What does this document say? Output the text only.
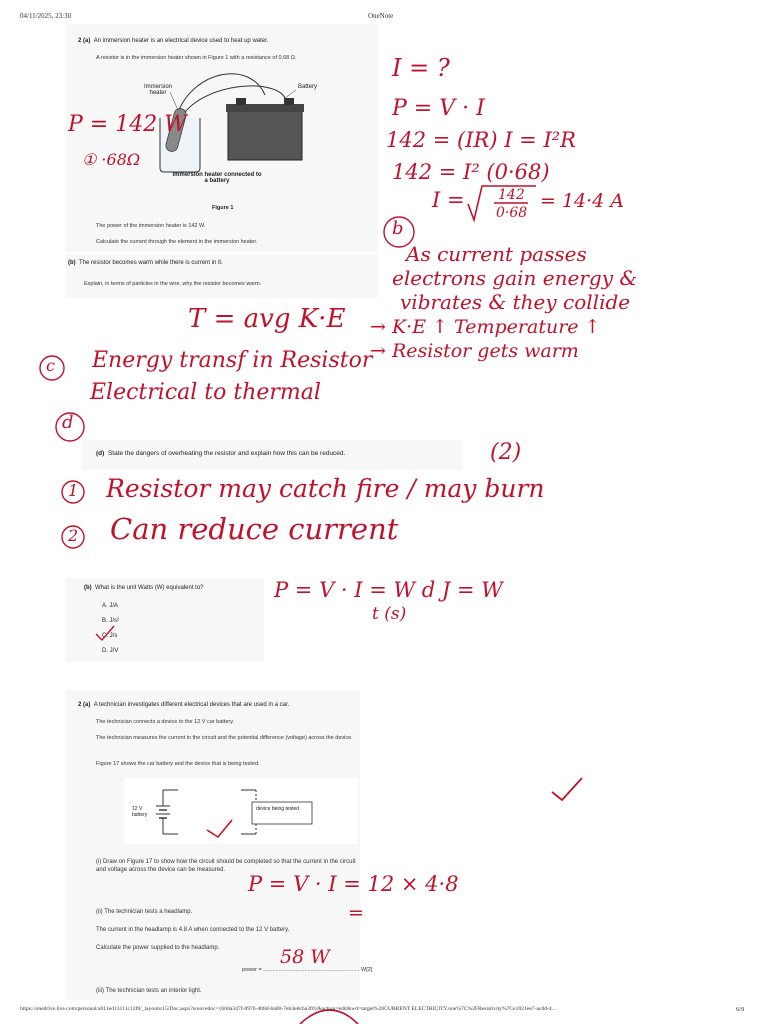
04/11/2025, 23:30	OneNote
2 (a) An immersion heater is an electrical device used to heat up water.
A resistor is in the immersion heater shown in Figure 1 with a resistance of 0.68 Ω.
Immersion heater
Battery
Immersion heater connected to a battery
Figure 1
The power of the immersion heater is 142 W.
Calculate the current through the element in the immersion heater.
(b) The resistor becomes warm while there is current in it.
Explain, in terms of particles in the wire, why the resistor becomes warm.
(d) State the dangers of overheating the resistor and explain how this can be reduced.
(b) What is the unit Watts (W) equivalent to?
A. J/A
B. J/s²
C. J/s
D. J/V
2 (a) A technician investigates different electrical devices that are used in a car.
The technician connects a device to the 12 V car battery.
The technician measures the current in the circuit and the potential difference (voltage) across the device.
Figure 17 shows the car battery and the device that is being tested.
12 V battery
device being tested
(i) Draw on Figure 17 to show how the circuit should be completed so that the current in the circuit and voltage across the device can be measured.
(ii) The technician tests a headlamp.
The current in the headlamp is 4.8 A when connected to the 12 V battery.
Calculate the power supplied to the headlamp.
power = ............................................................... W[2]
(iii) The technician tests an interior light.
I = ?
P = V · I
142 = (IR) I = I²R
142 = I² (0·68)
I = 142
0·68
= 14·4 A
P = 142 W
① ·68Ω
b
As current passes
electrons gain energy &
vibrates & they collide
→ K·E ↑ Temperature ↑
→ Resistor gets warm
T = avg K·E
c Energy transf in Resistor
Electrical to thermal
d
(2)
1 Resistor may catch fire / may burn
2 Can reduce current
P = V · I = W d J = W
t (s)
P = V · I = 12 × 4·8
=
58 W
https://onedrive.live.com/personal/a011ed13111c12f0/_layouts/15/Doc.aspx?sourcedoc={660a347f-8976-408d-ba80-7eb3e0cba3f0}&action=edit&wd=target%28CURRENT ELECTRICITY.one%7C%2FResistivity%7Ce1021ee7-acdd-4…	6/9
